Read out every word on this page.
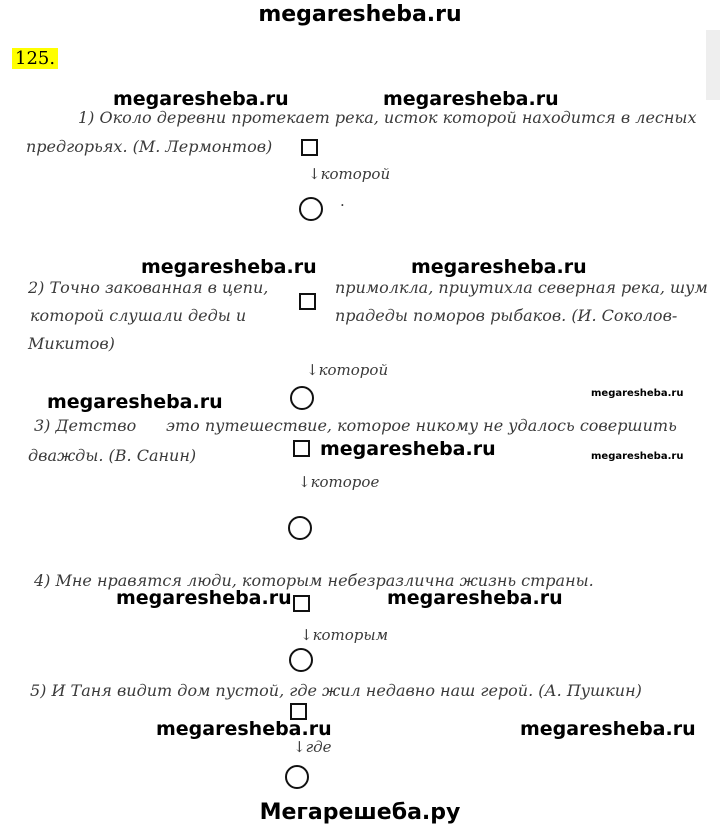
megaresheba.ru
125.
1) Около деревни протекает река, исток которой находится в лесных
предгорьях. (М. Лермонтов)
↓которой
·
2) Точно закованная в цепи,
которой слушали деды и
Микитов)
примолкла, приутихла северная река, шум
прадеды поморов рыбаков. (И. Соколов-
↓которой
3) Детство это путешествие, которое никому не удалось совершить
дважды. (В. Санин)
↓которое
4) Мне нравятся люди, которым небезразлична жизнь страны.
↓которым
5) И Таня видит дом пустой, где жил недавно наш герой. (А. Пушкин)
↓где
megaresheba.ru	megaresheba.ru
megaresheba.ru	megaresheba.ru
megaresheba.ru	megaresheba.ru
megaresheba.ru	megaresheba.ru
megaresheba.ru	megaresheba.ru
megaresheba.ru	megaresheba.ru
Мегарешеба.ру
